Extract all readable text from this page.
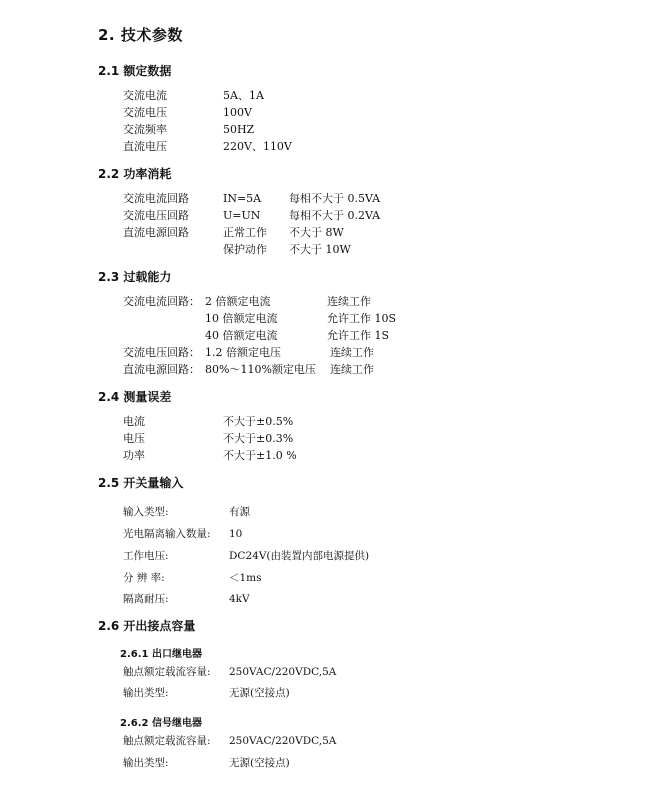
2. 技术参数
2.1 额定数据
交流电流	5A、1A
交流电压	100V
交流频率	50HZ
直流电压	220V、110V
2.2 功率消耗
交流电流回路	IN=5A	每相不大于 0.5VA
交流电压回路	U=UN	每相不大于 0.2VA
直流电源回路	正常工作 不大于 8W
保护动作 不大于 10W
2.3 过载能力
交流电流回路： 2 倍额定电流	连续工作
10 倍额定电流	允许工作 10S
40 倍额定电流	允许工作 1S
交流电压回路： 1.2 倍额定电压	连续工作
直流电源回路： 80%～110%额定电压 连续工作
2.4 测量误差
电流	不大于±0.5%
电压	不大于±0.3%
功率	不大于±1.0 %
2.5 开关量输入
输入类型:	有源
光电隔离输入数量: 10
工作电压:	DC24V(由装置内部电源提供)
分 辨 率:	＜1ms
隔离耐压:	4kV
2.6 开出接点容量
2.6.1 出口继电器
触点额定载流容量: 250VAC/220VDC,5A
输出类型:	无源(空接点)
2.6.2 信号继电器
触点额定载流容量: 250VAC/220VDC,5A
输出类型:	无源(空接点)
